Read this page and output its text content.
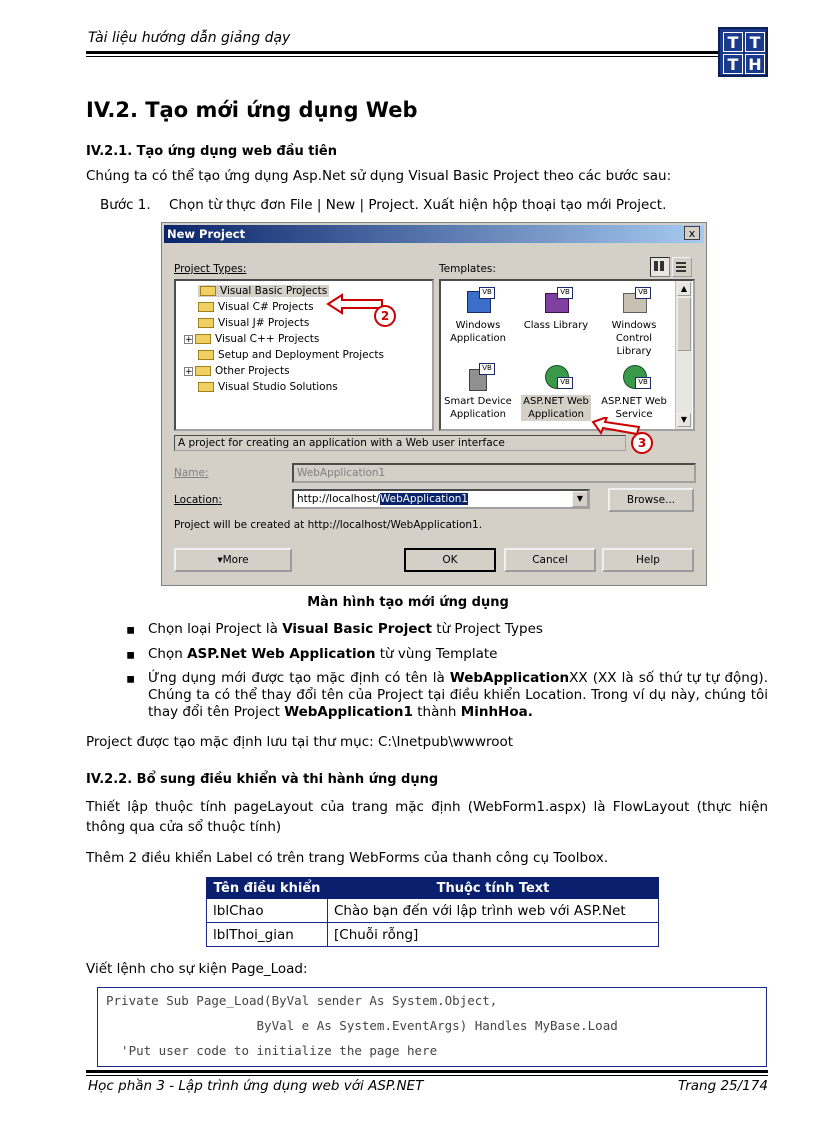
Tài liệu hướng dẫn giảng dạy	T T
T H
IV.2. Tạo mới ứng dụng Web
IV.2.1. Tạo ứng dụng web đầu tiên
Chúng ta có thể tạo ứng dụng Asp.Net sử dụng Visual Basic Project theo các bước sau:
Bước 1. Chọn từ thực đơn File | New | Project. Xuất hiện hộp thoại tạo mới Project.
New Project	x
Project Types:	Templates:
Visual Basic Projects
Visual C# Projects
Visual J# Projects
+ Visual C++ Projects
Setup and Deployment Projects
+ Other Projects
Visual Studio Solutions
2
▲
▼
VB
Windows
Application
VB
Class Library
VB
Windows
Control Library
VB
Smart Device
Application
VB
ASP.NET Web
Application
VB
ASP.NET Web
Service
3
A project for creating an application with a Web user interface
Name:	WebApplication1
Location:	http://localhost/WebApplication1	▼	Browse...
Project will be created at http://localhost/WebApplication1.
▾More	OK	Cancel	Help
Màn hình tạo mới ứng dụng
▪ Chọn loại Project là Visual Basic Project từ Project Types
▪ Chọn ASP.Net Web Application từ vùng Template
▪ Ứng dụng mới được tạo mặc định có tên là WebApplicationXX (XX là số thứ tự tự động). Chúng ta có thể thay đổi tên của Project tại điều khiển Location. Trong ví dụ này, chúng tôi thay đổi tên Project WebApplication1 thành MinhHoa.
Project được tạo mặc định lưu tại thư mục: C:\Inetpub\wwwroot
IV.2.2. Bổ sung điều khiển và thi hành ứng dụng
Thiết lập thuộc tính pageLayout của trang mặc định (WebForm1.aspx) là FlowLayout (thực hiện thông qua cửa sổ thuộc tính)
Thêm 2 điều khiển Label có trên trang WebForms của thanh công cụ Toolbox.
Tên điều khiển	Thuộc tính Text
lblChao	Chào bạn đến với lập trình web với ASP.Net
lblThoi_gian	[Chuỗi rỗng]
Viết lệnh cho sự kiện Page_Load:
Private Sub Page_Load(ByVal sender As System.Object,
ByVal e As System.EventArgs) Handles MyBase.Load
'Put user code to initialize the page here
Học phần 3 - Lập trình ứng dụng web với ASP.NET	Trang 25/174
